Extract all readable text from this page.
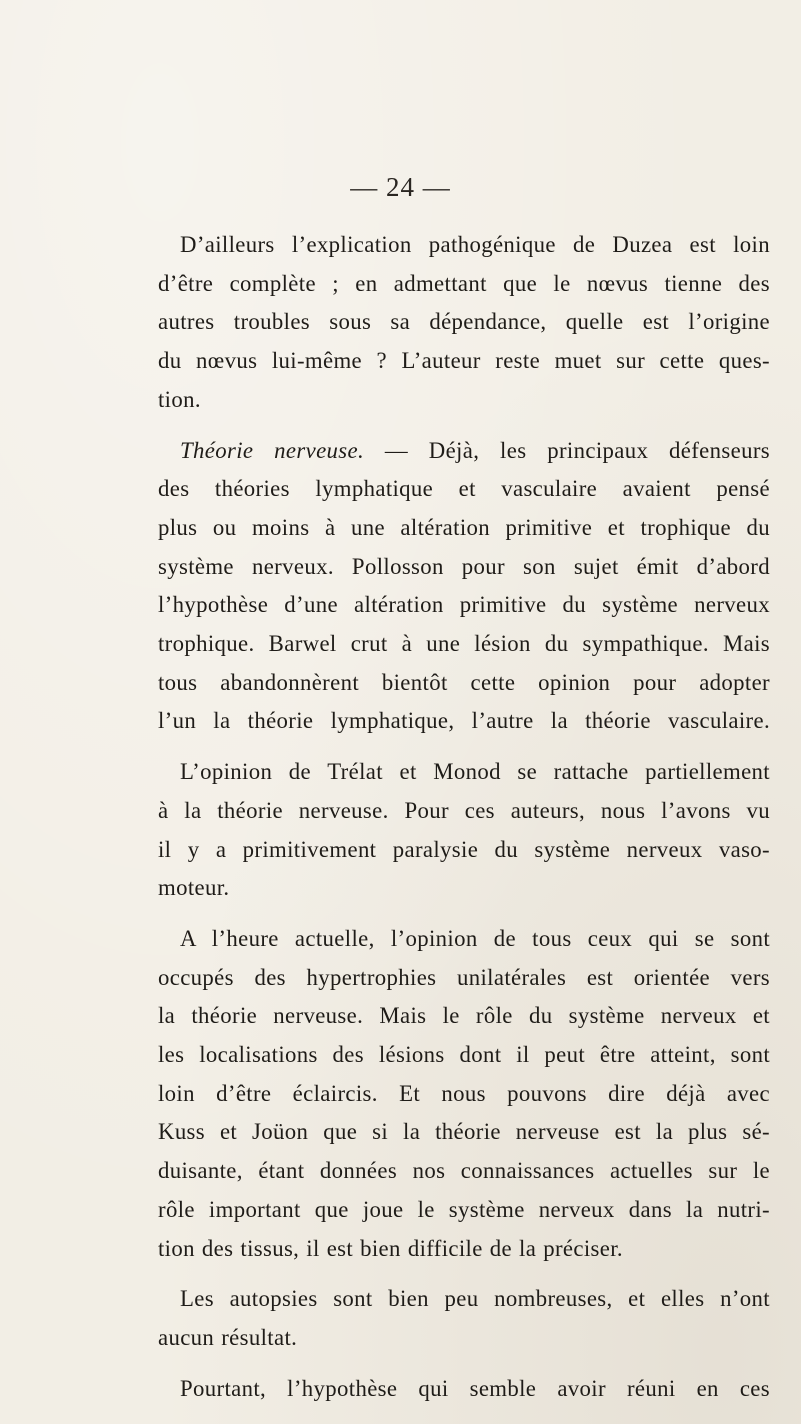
— 24 —
D’ailleurs l’explication pathogénique de Duzea est loin
d’être complète ; en admettant que le nœvus tienne des
autres troubles sous sa dépendance, quelle est l’origine
du nœvus lui-même ? L’auteur reste muet sur cette ques-
tion.
Théorie nerveuse. — Déjà, les principaux défenseurs
des théories lymphatique et vasculaire avaient pensé
plus ou moins à une altération primitive et trophique du
système nerveux. Pollosson pour son sujet émit d’abord
l’hypothèse d’une altération primitive du système nerveux
trophique. Barwel crut à une lésion du sympathique. Mais
tous abandonnèrent bientôt cette opinion pour adopter
l’un la théorie lymphatique, l’autre la théorie vasculaire.
L’opinion de Trélat et Monod se rattache partiellement
à la théorie nerveuse. Pour ces auteurs, nous l’avons vu
il y a primitivement paralysie du système nerveux vaso-
moteur.
A l’heure actuelle, l’opinion de tous ceux qui se sont
occupés des hypertrophies unilatérales est orientée vers
la théorie nerveuse. Mais le rôle du système nerveux et
les localisations des lésions dont il peut être atteint, sont
loin d’être éclaircis. Et nous pouvons dire déjà avec
Kuss et Joüon que si la théorie nerveuse est la plus sé-
duisante, étant données nos connaissances actuelles sur le
rôle important que joue le système nerveux dans la nutri-
tion des tissus, il est bien difficile de la préciser.
Les autopsies sont bien peu nombreuses, et elles n’ont
aucun résultat.
Pourtant, l’hypothèse qui semble avoir réuni en ces
